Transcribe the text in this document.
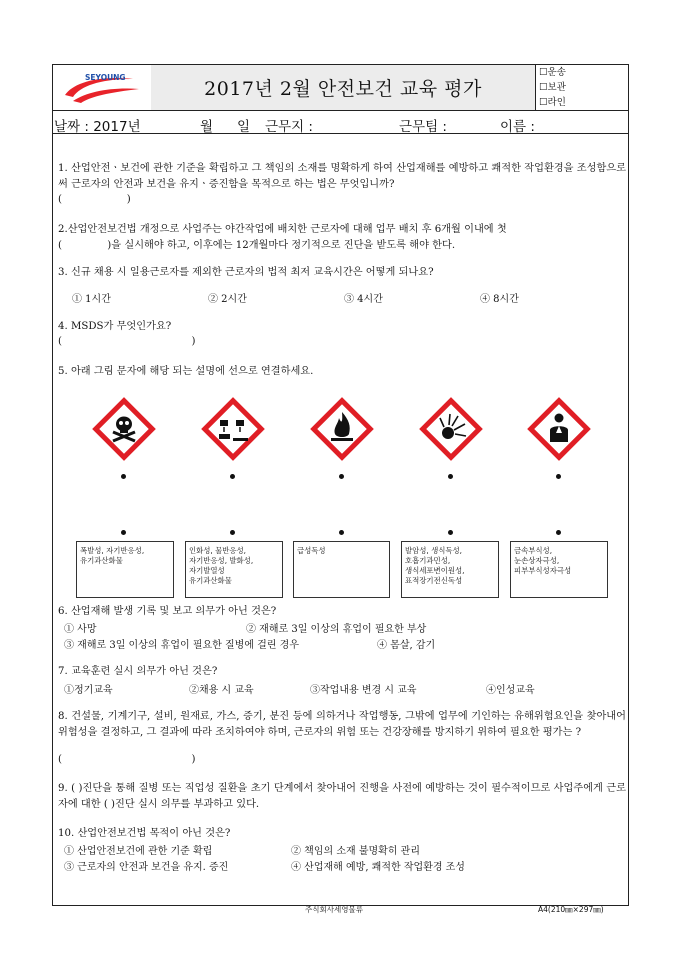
SEYOUNG
2017년 2월 안전보건 교육 평가
☐운송
☐보관
☐라인
날짜 : 2017년	월 일 근무지 :	근무팀 :	이름 :
1. 산업안전ㆍ보건에 관한 기준을 확립하고 그 책임의 소재를 명확하게 하여 산업재해를 예방하고 쾌적한 작업환경을 조성함으로써 근로자의 안전과 보건을 유지ㆍ증진함을 목적으로 하는 법은 무엇입니까?
(                    )
2.산업안전보건법 개정으로 사업주는 야간작업에 배치한 근로자에 대해 업무 배치 후 6개월 이내에 첫
(              )을 실시해야 하고, 이후에는 12개월마다 정기적으로 진단을 받도록 해야 한다.
3. 신규 채용 시 일용근로자를 제외한 근로자의 법적 최저 교육시간은 어떻게 되나요?
① 1시간	② 2시간	③ 4시간	④ 8시간
4. MSDS가 무엇인가요?
(                                        )
5. 아래 그림 문자에 해당 되는 설명에 선으로 연결하세요.
폭발성, 자기반응성,
유기과산화물
인화성, 물반응성,
자기반응성, 발화성,
자기발열성
유기과산화물
급성독성	발암성, 생식독성,
호흡기과민성,
생식세포변이원성,
표적장기전신독성
금속부식성,
눈손상자극성,
피부부식성자극성
6. 산업재해 발생 기록 및 보고 의무가 아닌 것은?
① 사망	② 재해로 3일 이상의 휴업이 필요한 부상
③ 재해로 3일 이상의 휴업이 필요한 질병에 걸린 경우	④ 몸살, 감기
7. 교육훈련 실시 의무가 아닌 것은?
①정기교육	②채용 시 교육	③작업내용 변경 시 교육	④인성교육
8. 건설물, 기계기구, 설비, 원재료, 가스, 증기, 분진 등에 의하거나 작업행동, 그밖에 업무에 기인하는 유해위험요인을 찾아내어 위험성을 결정하고, 그 결과에 따라 조치하여야 하며, 근로자의 위험 또는 건강장해를 방지하기 위하여 필요한 평가는 ?
(                                        )
9. ( )진단을 통해 질병 또는 직업성 질환을 초기 단계에서 찾아내어 진행을 사전에 예방하는 것이 필수적이므로 사업주에게 근로자에 대한 ( )진단 실시 의무를 부과하고 있다.
10. 산업안전보건법 목적이 아닌 것은?
① 산업안전보건에 관한 기준 확립	② 책임의 소재 불명확히 관리
③ 근로자의 안전과 보건을 유지. 증진	④ 산업재해 예방, 쾌적한 작업환경 조성
주식회사세영물류	A4(210㎜×297㎜)
